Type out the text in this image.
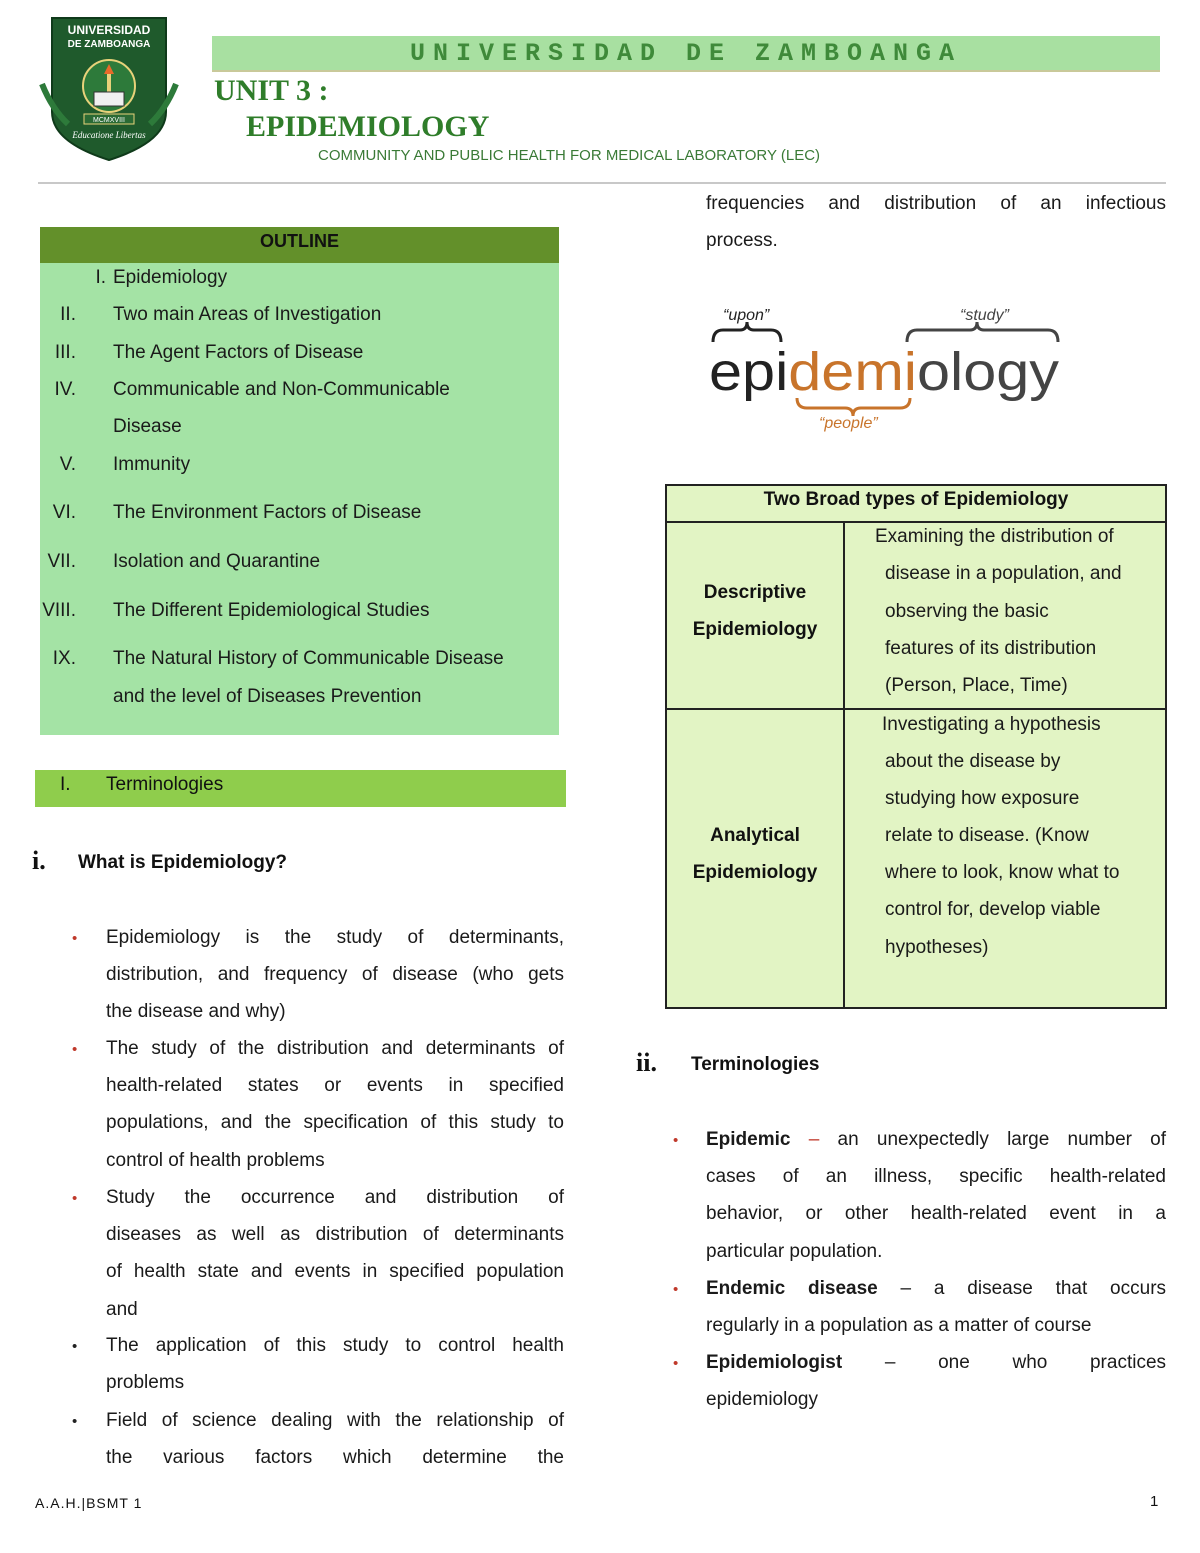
UNIVERSIDAD
DE ZAMBOANGA
MCMXVIII
Educatione Libertas
UNIVERSIDAD DE ZAMBOANGA
UNIT 3 :
EPIDEMIOLOGY
COMMUNITY AND PUBLIC HEALTH FOR MEDICAL LABORATORY (LEC)
OUTLINE
I. Epidemiology
II. Two main Areas of Investigation
III. The Agent Factors of Disease
IV. Communicable and Non-Communicable
Disease
V. Immunity
VI. The Environment Factors of Disease
VII. Isolation and Quarantine
VIII. The Different Epidemiological Studies
IX. The Natural History of Communicable Disease
and the level of Diseases Prevention
I. Terminologies
i. What is Epidemiology?
• Epidemiology is the study of determinants,
distribution, and frequency of disease (who gets
the disease and why)
• The study of the distribution and determinants of
health-related states or events in specified
populations, and the specification of this study to
control of health problems
• Study the occurrence and distribution of
diseases as well as distribution of determinants
of health state and events in specified population
and
• The application of this study to control health
problems
• Field of science dealing with the relationship of
the various factors which determine the
frequencies and distribution of an infectious
process.
“upon”	“study”
epi demi ology
“people”
Two Broad types of Epidemiology
Descriptive
Epidemiology
Examining the distribution of
disease in a population, and
observing the basic
features of its distribution
(Person, Place, Time)
Analytical
Epidemiology
Investigating a hypothesis
about the disease by
studying how exposure
relate to disease. (Know
where to look, know what to
control for, develop viable
hypotheses)
ii. Terminologies
• Epidemic – an unexpectedly large number of
cases of an illness, specific health-related
behavior, or other health-related event in a
particular population.
• Endemic disease – a disease that occurs
regularly in a population as a matter of course
• Epidemiologist – one who practices
epidemiology
A.A.H.|BSMT 1	1
